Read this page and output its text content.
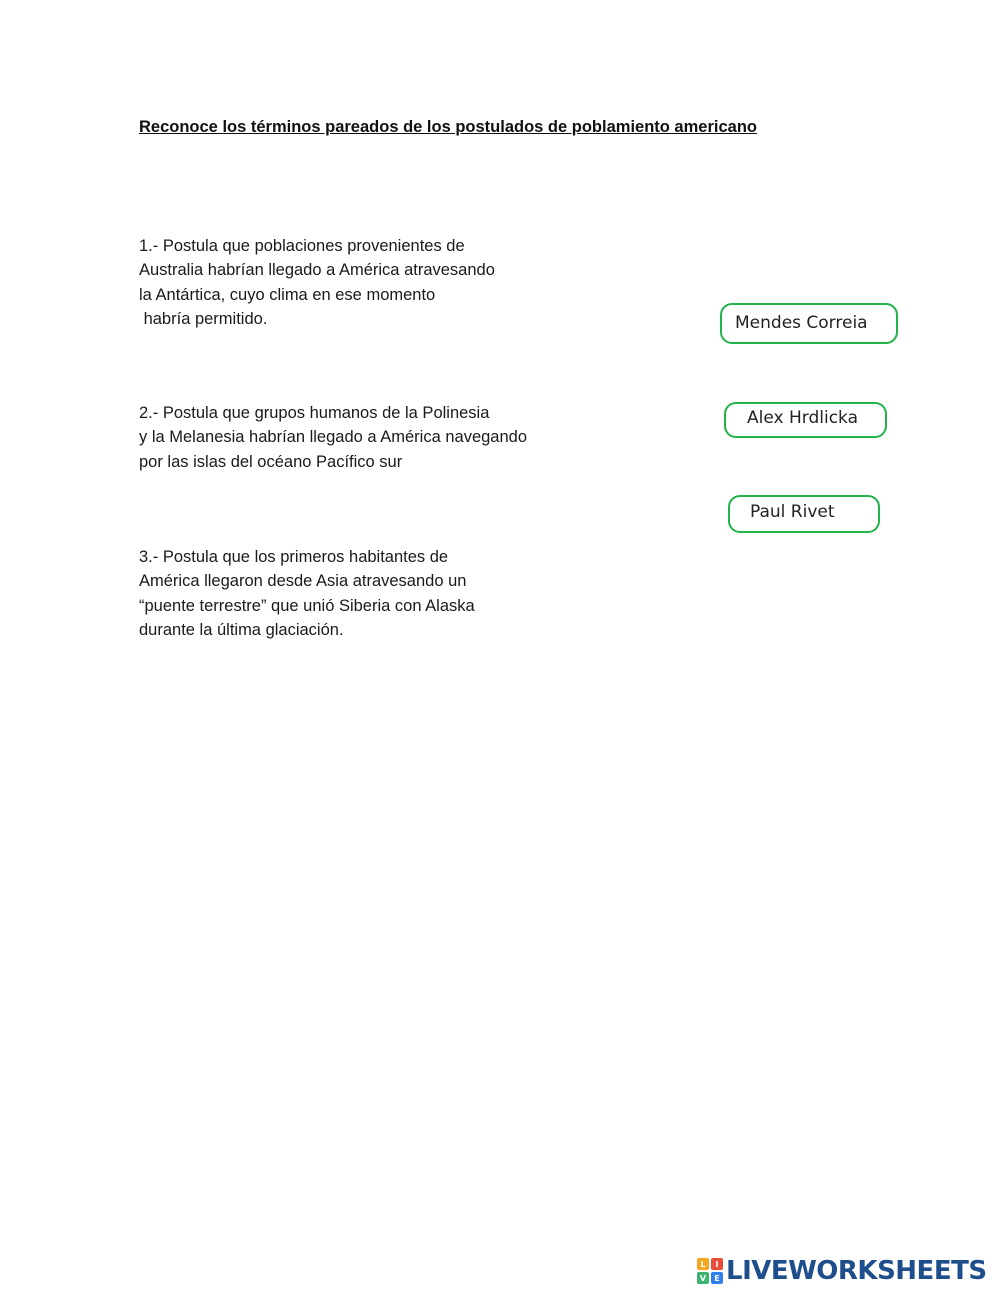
Reconoce los términos pareados de los postulados de poblamiento americano
1.- Postula que poblaciones provenientes de
Australia habrían llegado a América atravesando
la Antártica, cuyo clima en ese momento
habría permitido.
2.- Postula que grupos humanos de la Polinesia
y la Melanesia habrían llegado a América navegando
por las islas del océano Pacífico sur
3.- Postula que los primeros habitantes de
América llegaron desde Asia atravesando un
“puente terrestre” que unió Siberia con Alaska
durante la última glaciación.
Mendes Correia
Alex Hrdlicka
Paul Rivet
L	I
V	E LIVEWORKSHEETS
